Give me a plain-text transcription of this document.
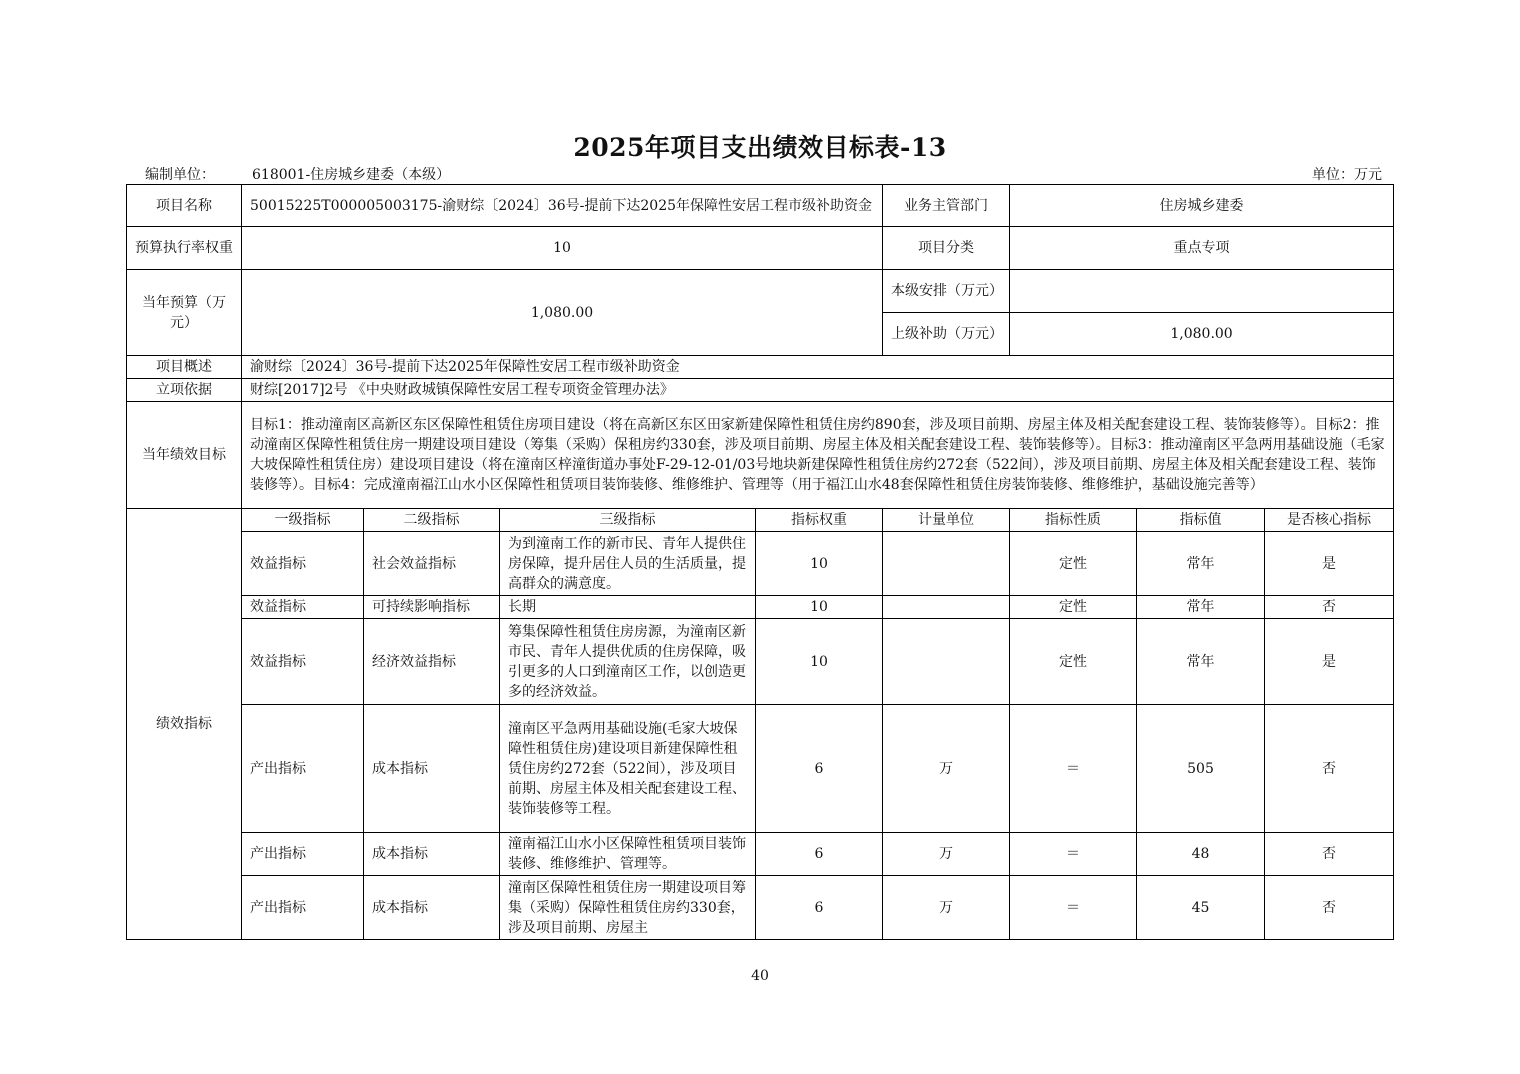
2025年项目支出绩效目标表-13
编制单位：	618001-住房城乡建委（本级）	单位：万元
项目名称	50015225T000005003175-渝财综〔2024〕36号-提前下达2025年保障性安居工程市级补助资金				业务主管部门	住房城乡建委		
预算执行率权重	10				项目分类	重点专项		
当年预算（万元）	1,080.00				本级安排（万元）			
					上级补助（万元）	1,080.00		
项目概述	渝财综〔2024〕36号-提前下达2025年保障性安居工程市级补助资金							
立项依据	财综[2017]2号 《中央财政城镇保障性安居工程专项资金管理办法》							
当年绩效目标	目标1：推动潼南区高新区东区保障性租赁住房项目建设（将在高新区东区田家新建保障性租赁住房约890套，涉及项目前期、房屋主体及相关配套建设工程、装饰装修等）。目标2：推动潼南区保障性租赁住房一期建设项目建设（筹集（采购）保租房约330套，涉及项目前期、房屋主体及相关配套建设工程、装饰装修等）。目标3：推动潼南区平急两用基础设施（毛家大坡保障性租赁住房）建设项目建设（将在潼南区梓潼街道办事处F-29-12-01/03号地块新建保障性租赁住房约272套（522间），涉及项目前期、房屋主体及相关配套建设工程、装饰装修等）。目标4：完成潼南福江山水小区保障性租赁项目装饰装修、维修维护、管理等（用于福江山水48套保障性租赁住房装饰装修、维修维护，基础设施完善等）							
绩效指标	一级指标	二级指标	三级指标	指标权重	计量单位	指标性质	指标值	是否核心指标
	效益指标	社会效益指标	为到潼南工作的新市民、青年人提供住房保障，提升居住人员的生活质量，提高群众的满意度。	10		定性	常年	是
	效益指标	可持续影响指标	长期	10		定性	常年	否
	效益指标	经济效益指标	筹集保障性租赁住房房源，为潼南区新市民、青年人提供优质的住房保障，吸引更多的人口到潼南区工作，以创造更多的经济效益。	10		定性	常年	是
	产出指标	成本指标	潼南区平急两用基础设施(毛家大坡保障性租赁住房)建设项目新建保障性租赁住房约272套（522间），涉及项目前期、房屋主体及相关配套建设工程、装饰装修等工程。	6	万	＝	505	否
	产出指标	成本指标	潼南福江山水小区保障性租赁项目装饰装修、维修维护、管理等。	6	万	＝	48	否
	产出指标	成本指标	潼南区保障性租赁住房一期建设项目筹集（采购）保障性租赁住房约330套，涉及项目前期、房屋主	6	万	＝	45	否
40
